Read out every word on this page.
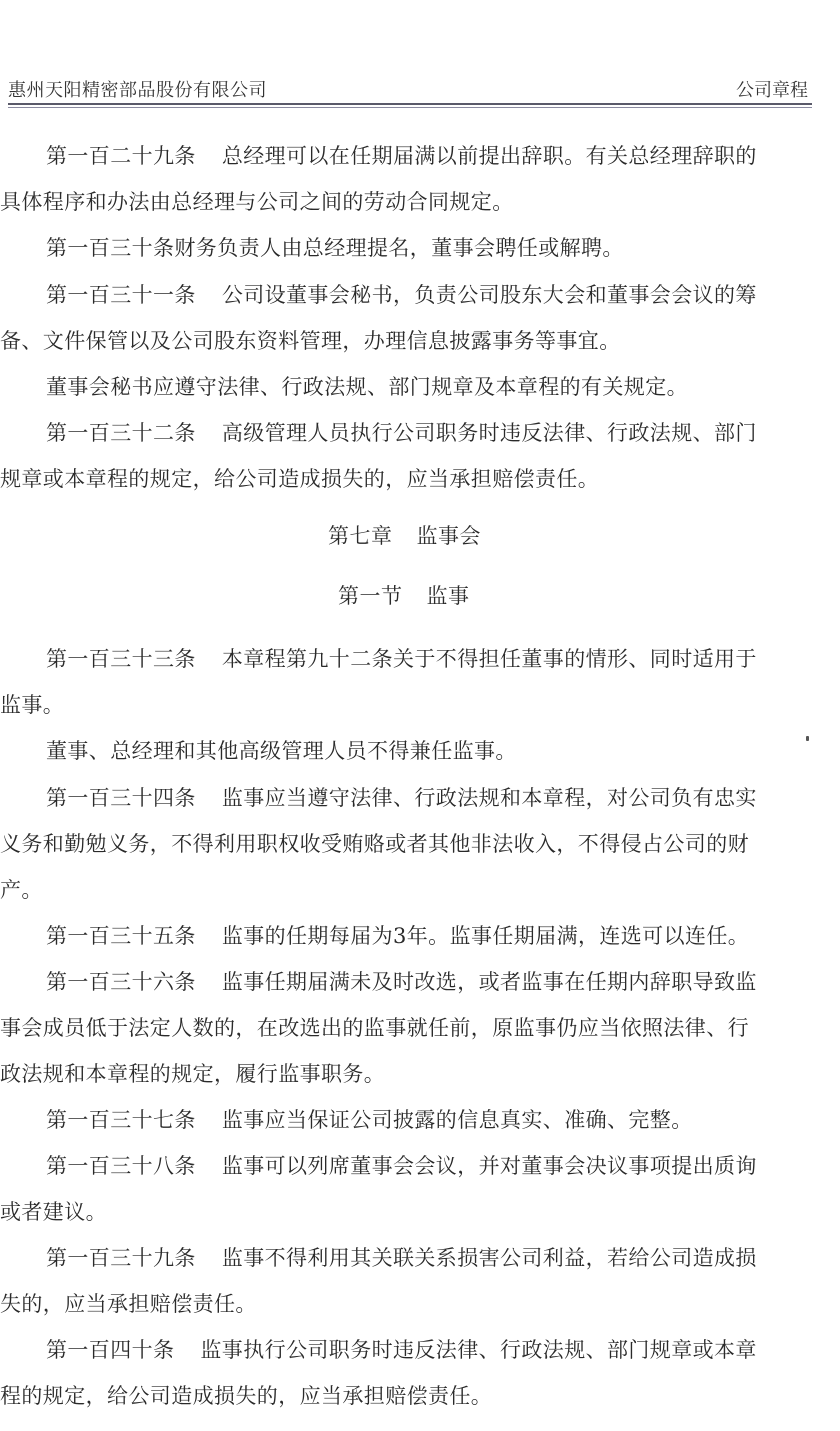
惠州天阳精密部品股份有限公司	公司章程
第一百二十九条 总经理可以在任期届满以前提出辞职。有关总经理辞职的
具体程序和办法由总经理与公司之间的劳动合同规定。
第一百三十条财务负责人由总经理提名，董事会聘任或解聘。
第一百三十一条 公司设董事会秘书，负责公司股东大会和董事会会议的筹
备、文件保管以及公司股东资料管理，办理信息披露事务等事宜。
董事会秘书应遵守法律、行政法规、部门规章及本章程的有关规定。
第一百三十二条 高级管理人员执行公司职务时违反法律、行政法规、部门
规章或本章程的规定，给公司造成损失的，应当承担赔偿责任。
第七章 监事会
第一节 监事
第一百三十三条 本章程第九十二条关于不得担任董事的情形、同时适用于
监事。
董事、总经理和其他高级管理人员不得兼任监事。
第一百三十四条 监事应当遵守法律、行政法规和本章程，对公司负有忠实
义务和勤勉义务，不得利用职权收受贿赂或者其他非法收入，不得侵占公司的财
产。
第一百三十五条 监事的任期每届为3年。监事任期届满，连选可以连任。
第一百三十六条 监事任期届满未及时改选，或者监事在任期内辞职导致监
事会成员低于法定人数的，在改选出的监事就任前，原监事仍应当依照法律、行
政法规和本章程的规定，履行监事职务。
第一百三十七条 监事应当保证公司披露的信息真实、准确、完整。
第一百三十八条 监事可以列席董事会会议，并对董事会决议事项提出质询
或者建议。
第一百三十九条 监事不得利用其关联关系损害公司利益，若给公司造成损
失的，应当承担赔偿责任。
第一百四十条 监事执行公司职务时违反法律、行政法规、部门规章或本章
程的规定，给公司造成损失的，应当承担赔偿责任。
